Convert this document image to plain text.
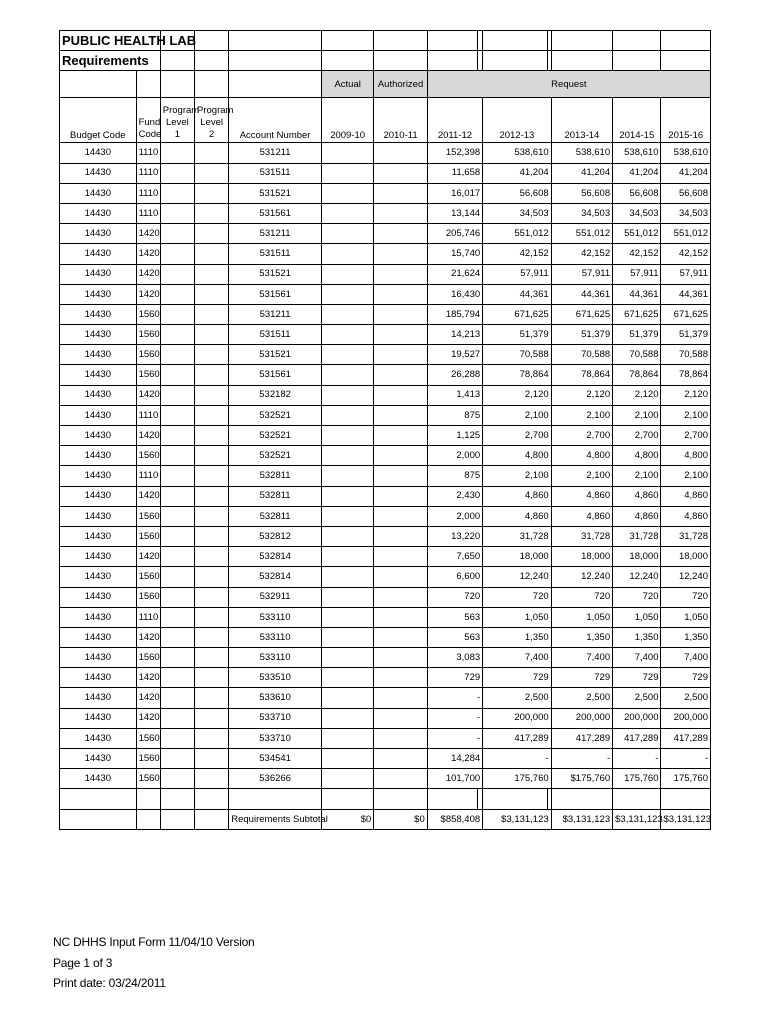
PUBLIC HEALTH LAB													
Requirements													
					Actual	Authorized	Request						
Budget Code	Fund Code	Program Level 1	Program Level 2	Account Number	2009-10	2010-11	2011-12		2012-13		2013-14	2014-15	2015-16
14430	1110			531211			152,398		538,610		538,610	538,610	538,610
14430	1110			531511			11,658		41,204		41,204	41,204	41,204
14430	1110			531521			16,017		56,608		56,608	56,608	56,608
14430	1110			531561			13,144		34,503		34,503	34,503	34,503
14430	1420			531211			205,746		551,012		551,012	551,012	551,012
14430	1420			531511			15,740		42,152		42,152	42,152	42,152
14430	1420			531521			21,624		57,911		57,911	57,911	57,911
14430	1420			531561			16,430		44,361		44,361	44,361	44,361
14430	1560			531211			185,794		671,625		671,625	671,625	671,625
14430	1560			531511			14,213		51,379		51,379	51,379	51,379
14430	1560			531521			19,527		70,588		70,588	70,588	70,588
14430	1560			531561			26,288		78,864		78,864	78,864	78,864
14430	1420			532182			1,413		2,120		2,120	2,120	2,120
14430	1110			532521			875		2,100		2,100	2,100	2,100
14430	1420			532521			1,125		2,700		2,700	2,700	2,700
14430	1560			532521			2,000		4,800		4,800	4,800	4,800
14430	1110			532811			875		2,100		2,100	2,100	2,100
14430	1420			532811			2,430		4,860		4,860	4,860	4,860
14430	1560			532811			2,000		4,860		4,860	4,860	4,860
14430	1560			532812			13,220		31,728		31,728	31,728	31,728
14430	1420			532814			7,650		18,000		18,000	18,000	18,000
14430	1560			532814			6,600		12,240		12,240	12,240	12,240
14430	1560			532911			720		720		720	720	720
14430	1110			533110			563		1,050		1,050	1,050	1,050
14430	1420			533110			563		1,350		1,350	1,350	1,350
14430	1560			533110			3,083		7,400		7,400	7,400	7,400
14430	1420			533510			729		729		729	729	729
14430	1420			533610			-		2,500		2,500	2,500	2,500
14430	1420			533710			-		200,000		200,000	200,000	200,000
14430	1560			533710			-		417,289		417,289	417,289	417,289
14430	1560			534541			14,284		-		-	-	-
14430	1560			536266			101,700		175,760		$175,760	175,760	175,760

				Requirements Subtotal	$0	$0	$858,408		$3,131,123		$3,131,123	$3,131,123	$3,131,123
NC DHHS Input Form 11/04/10 Version
Page 1 of 3
Print date: 03/24/2011
